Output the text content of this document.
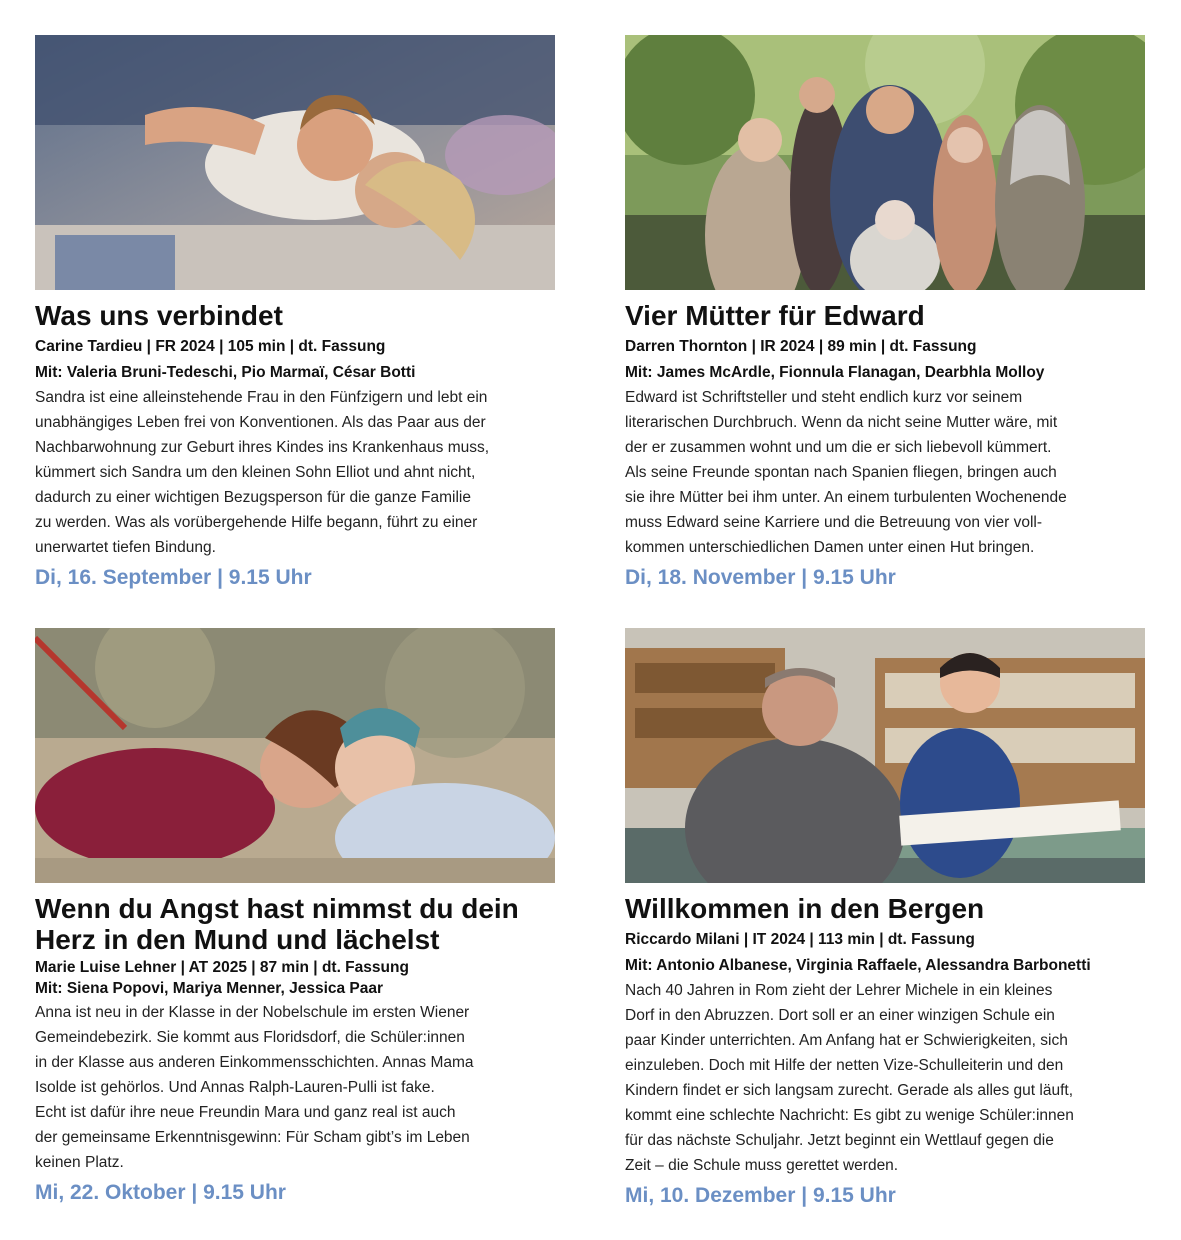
Was uns verbindet
Carine Tardieu | FR 2024 | 105 min | dt. Fassung
Mit: Valeria Bruni-Tedeschi, Pio Marmaï, César Botti
Sandra ist eine alleinstehende Frau in den Fünfzigern und lebt ein
unabhängiges Leben frei von Konventionen. Als das Paar aus der
Nachbarwohnung zur Geburt ihres Kindes ins Krankenhaus muss,
kümmert sich Sandra um den kleinen Sohn Elliot und ahnt nicht,
dadurch zu einer wichtigen Bezugsperson für die ganze Familie
zu werden. Was als vorübergehende Hilfe begann, führt zu einer
unerwartet tiefen Bindung.
Di, 16. September | 9.15 Uhr
Vier Mütter für Edward
Darren Thornton | IR 2024 | 89 min | dt. Fassung
Mit: James McArdle, Fionnula Flanagan, Dearbhla Molloy
Edward ist Schriftsteller und steht endlich kurz vor seinem
literarischen Durchbruch. Wenn da nicht seine Mutter wäre, mit
der er zusammen wohnt und um die er sich liebevoll kümmert.
Als seine Freunde spontan nach Spanien fliegen, bringen auch
sie ihre Mütter bei ihm unter. An einem turbulenten Wochenende
muss Edward seine Karriere und die Betreuung von vier voll-
kommen unterschiedlichen Damen unter einen Hut bringen.
Di, 18. November | 9.15 Uhr
Wenn du Angst hast nimmst du dein
Herz in den Mund und lächelst
Marie Luise Lehner | AT 2025 | 87 min | dt. Fassung
Mit: Siena Popovi, Mariya Menner, Jessica Paar
Anna ist neu in der Klasse in der Nobelschule im ersten Wiener
Gemeindebezirk. Sie kommt aus Floridsdorf, die Schüler:innen
in der Klasse aus anderen Einkommensschichten. Annas Mama
Isolde ist gehörlos. Und Annas Ralph-Lauren-Pulli ist fake.
Echt ist dafür ihre neue Freundin Mara und ganz real ist auch
der gemeinsame Erkenntnisgewinn: Für Scham gibt’s im Leben
keinen Platz.
Mi, 22. Oktober | 9.15 Uhr
Willkommen in den Bergen
Riccardo Milani | IT 2024 | 113 min | dt. Fassung
Mit: Antonio Albanese, Virginia Raffaele, Alessandra Barbonetti
Nach 40 Jahren in Rom zieht der Lehrer Michele in ein kleines
Dorf in den Abruzzen. Dort soll er an einer winzigen Schule ein
paar Kinder unterrichten. Am Anfang hat er Schwierigkeiten, sich
einzuleben. Doch mit Hilfe der netten Vize-Schulleiterin und den
Kindern findet er sich langsam zurecht. Gerade als alles gut läuft,
kommt eine schlechte Nachricht: Es gibt zu wenige Schüler:innen
für das nächste Schuljahr. Jetzt beginnt ein Wettlauf gegen die
Zeit – die Schule muss gerettet werden.
Mi, 10. Dezember | 9.15 Uhr
